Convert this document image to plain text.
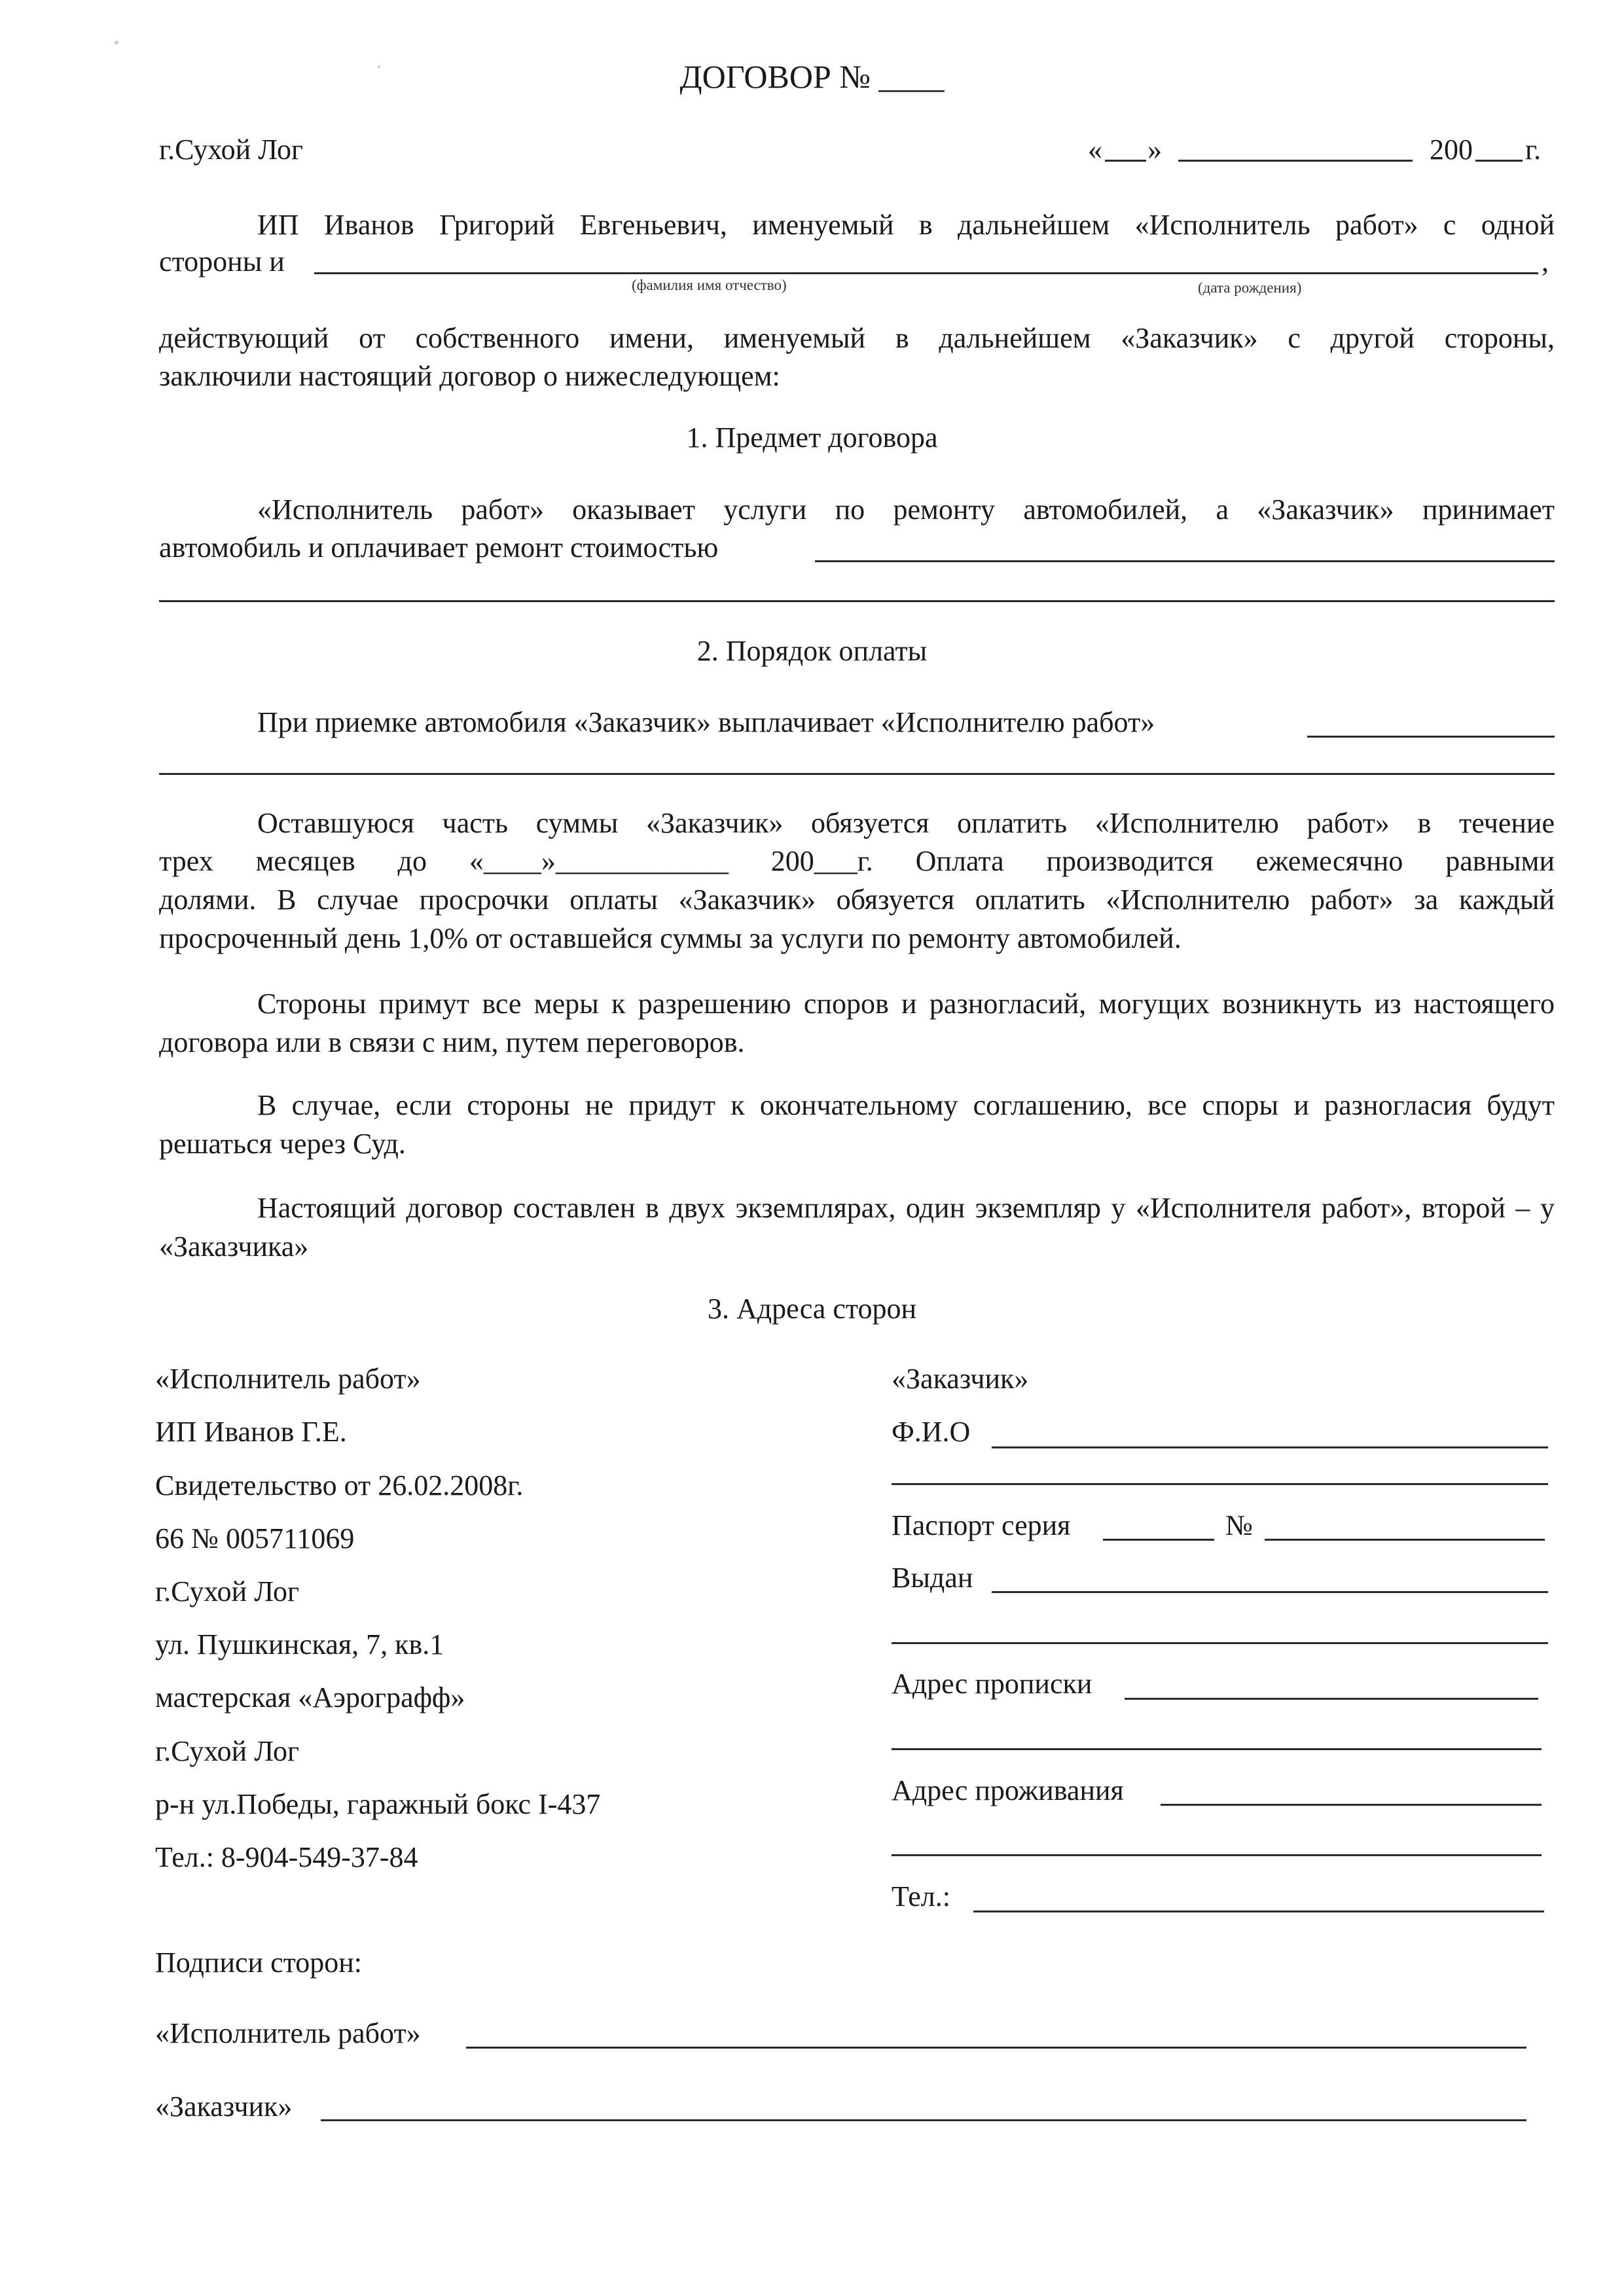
ДОГОВОР № ____
г.Сухой Лог	« »	200 г.
ИП Иванов Григорий Евгеньевич, именуемый в дальнейшем «Исполнитель работ» с одной
стороны и	,
(фамилия имя отчество)	(дата рождения)
действующий от собственного имени, именуемый в дальнейшем «Заказчик» с другой стороны,
заключили настоящий договор о нижеследующем:
1. Предмет договора
«Исполнитель работ» оказывает услуги по ремонту автомобилей, а «Заказчик» принимает
автомобиль и оплачивает ремонт стоимостью
2. Порядок оплаты
При приемке автомобиля «Заказчик» выплачивает «Исполнителю работ»
Оставшуюся часть суммы «Заказчик» обязуется оплатить «Исполнителю работ» в течение
трех месяцев до «____»____________ 200___г. Оплата производится ежемесячно равными
долями. В случае просрочки оплаты «Заказчик» обязуется оплатить «Исполнителю работ» за каждый просроченный день 1,0% от оставшейся суммы за услуги по ремонту автомобилей.
Стороны примут все меры к разрешению споров и разногласий, могущих возникнуть из настоящего договора или в связи с ним, путем переговоров.
В случае, если стороны не придут к окончательному соглашению, все споры и разногласия будут решаться через Суд.
Настоящий договор составлен в двух экземплярах, один экземпляр у «Исполнителя работ», второй – у «Заказчика»
3. Адреса сторон
«Исполнитель работ»
ИП Иванов Г.Е.
Свидетельство от 26.02.2008г.
66 № 005711069
г.Сухой Лог
ул. Пушкинская, 7, кв.1
мастерская «Аэрографф»
г.Сухой Лог
р-н ул.Победы, гаражный бокс I-437
Тел.: 8-904-549-37-84
«Заказчик»
Ф.И.О
Паспорт серия	№
Выдан
Адрес прописки
Адрес проживания
Тел.:
Подписи сторон:
«Исполнитель работ»
«Заказчик»
